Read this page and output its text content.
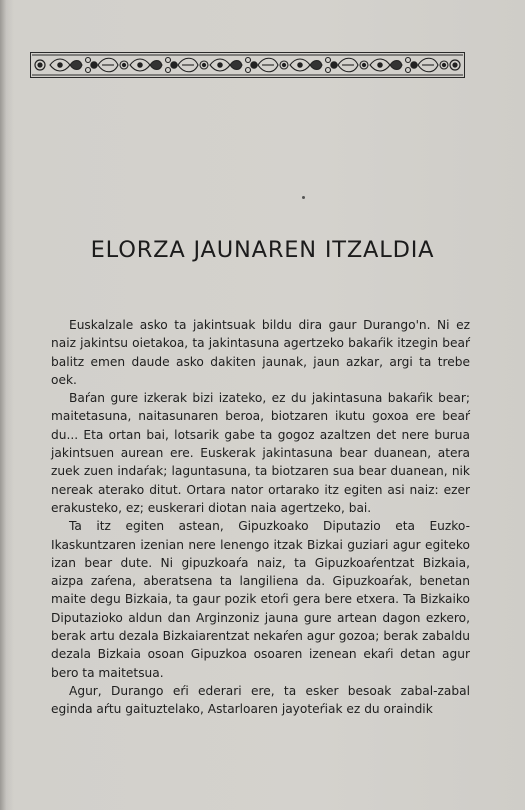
ELORZA JAUNAREN ITZALDIA

Euskalzale asko ta jakintsuak bildu dira gaur Durango'n. Ni ez naiz jakintsu oietakoa, ta jakintasuna agertzeko bakaŕik itzegin beaŕ balitz emen daude asko dakiten jaunak, jaun azkar, argi ta trebe oek.

Baŕan gure izkerak bizi izateko, ez du jakintasuna bakaŕik bear; maitetasuna, naitasunaren beroa, biotzaren ikutu goxoa ere beaŕ du... Eta ortan bai, lotsarik gabe ta gogoz azaltzen det nere burua jakintsuen aurean ere. Euskerak jakintasuna bear duanean, atera zuek zuen indaŕak; laguntasuna, ta biotzaren sua bear duanean, nik nereak aterako ditut. Ortara nator ortarako itz egiten asi naiz: ezer erakusteko, ez; euskerari diotan naia agertzeko, bai.

Ta itz egiten astean, Gipuzkoako Diputazio eta Euzko-Ikaskuntzaren izenian nere lenengo itzak Bizkai guziari agur egiteko izan bear dute. Ni gipuzkoaŕa naiz, ta Gipuzkoaŕentzat Bizkaia, aizpa zaŕena, aberatsena ta langiliena da. Gipuzkoaŕak, benetan maite degu Bizkaia, ta gaur pozik etoŕi gera bere etxera. Ta Bizkaiko Diputazioko aldun dan Arginzoniz jauna gure artean dagon ezkero, berak artu dezala Bizkaiarentzat nekaŕen agur gozoa; berak zabaldu dezala Bizkaia osoan Gipuzkoa osoaren izenean ekaŕi detan agur bero ta maitetsua.

Agur, Durango eŕi ederari ere, ta esker besoak zabal-zabal eginda aŕtu gaituztelako, Astarloaren jayoteŕiak ez du oraindik
